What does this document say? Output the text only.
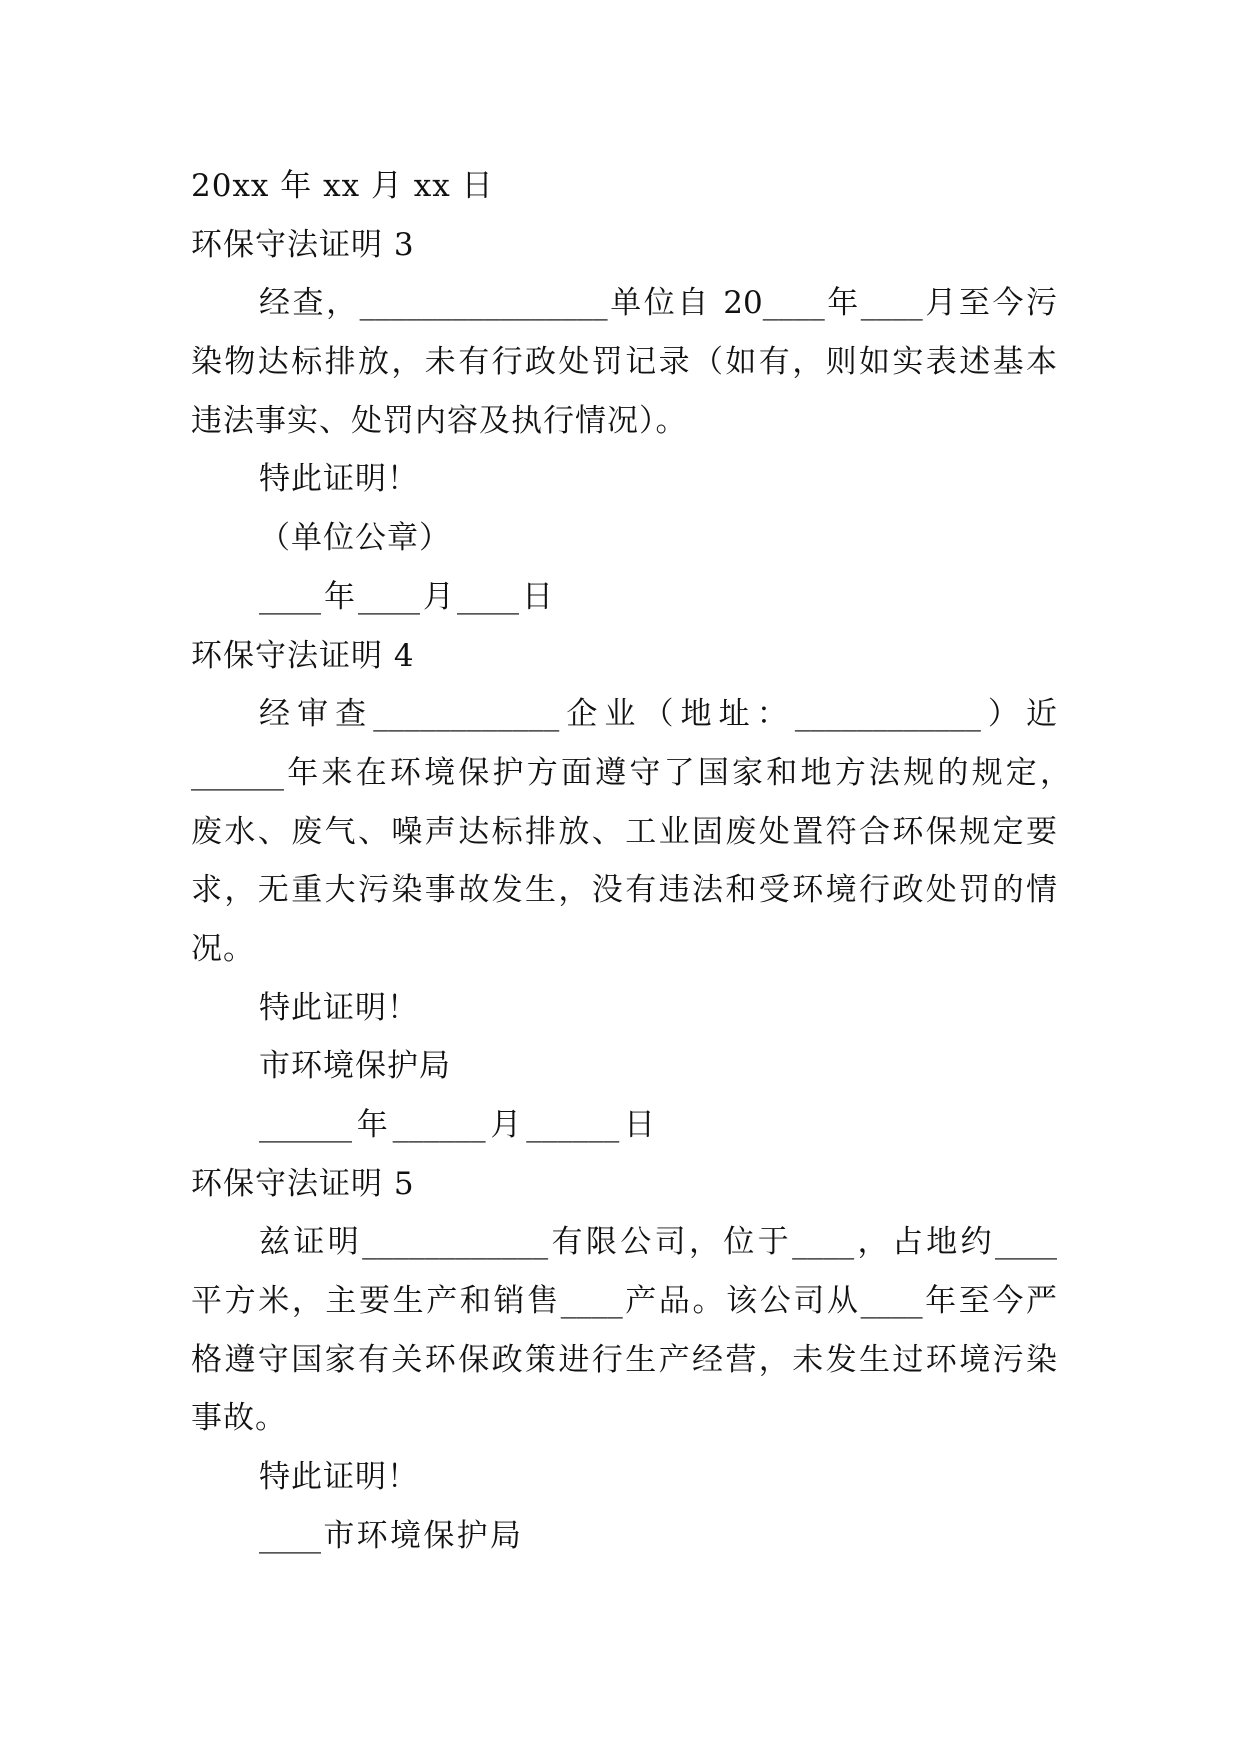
20xx 年 xx 月 xx 日
环保守法证明 3
经查，________________单位自 20____年____月至今污
染物达标排放，未有行政处罚记录（如有，则如实表述基本
违法事实、处罚内容及执行情况）。
特此证明！
（单位公章）
____年____月____日
环保守法证明 4
经审查____________企业（地址：____________）近
______年来在环境保护方面遵守了国家和地方法规的规定，
废水、废气、噪声达标排放、工业固废处置符合环保规定要
求，无重大污染事故发生，没有违法和受环境行政处罚的情
况。
特此证明！
市环境保护局
______年______月______日
环保守法证明 5
兹证明____________有限公司，位于____，占地约____
平方米，主要生产和销售____产品。该公司从____年至今严
格遵守国家有关环保政策进行生产经营，未发生过环境污染
事故。
特此证明！
____市环境保护局
